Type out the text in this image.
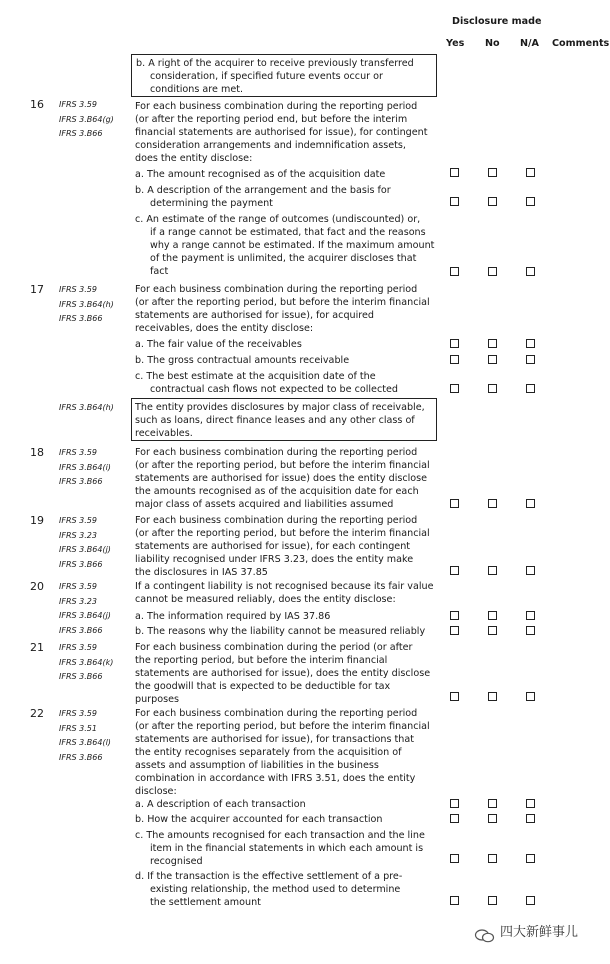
Disclosure made
Yes No N/A Comments
b. A right of the acquirer to receive previously transferred
consideration, if specified future events occur or
conditions are met.
For each business combination during the reporting period
(or after the reporting period end, but before the interim
financial statements are authorised for issue), for contingent
consideration arrangements and indemnification assets,
does the entity disclose:
a. The amount recognised as of the acquisition date
b. A description of the arrangement and the basis for
determining the payment
c. An estimate of the range of outcomes (undiscounted) or,
if a range cannot be estimated, that fact and the reasons
why a range cannot be estimated. If the maximum amount
of the payment is unlimited, the acquirer discloses that
fact
For each business combination during the reporting period
(or after the reporting period, but before the interim financial
statements are authorised for issue), for acquired
receivables, does the entity disclose:
a. The fair value of the receivables
b. The gross contractual amounts receivable
c. The best estimate at the acquisition date of the
contractual cash flows not expected to be collected
The entity provides disclosures by major class of receivable,
such as loans, direct finance leases and any other class of
receivables.
For each business combination during the reporting period
(or after the reporting period, but before the interim financial
statements are authorised for issue) does the entity disclose
the amounts recognised as of the acquisition date for each
major class of assets acquired and liabilities assumed
For each business combination during the reporting period
(or after the reporting period, but before the interim financial
statements are authorised for issue), for each contingent
liability recognised under IFRS 3.23, does the entity make
the disclosures in IAS 37.85
If a contingent liability is not recognised because its fair value
cannot be measured reliably, does the entity disclose:
a. The information required by IAS 37.86
b. The reasons why the liability cannot be measured reliably
For each business combination during the period (or after
the reporting period, but before the interim financial
statements are authorised for issue), does the entity disclose
the goodwill that is expected to be deductible for tax
purposes
For each business combination during the reporting period
(or after the reporting period, but before the interim financial
statements are authorised for issue), for transactions that
the entity recognises separately from the acquisition of
assets and assumption of liabilities in the business
combination in accordance with IFRS 3.51, does the entity
disclose:
a. A description of each transaction
b. How the acquirer accounted for each transaction
c. The amounts recognised for each transaction and the line
item in the financial statements in which each amount is
recognised
d. If the transaction is the effective settlement of a pre-
existing relationship, the method used to determine
the settlement amount
16 IFRS 3.59
IFRS 3.B64(g)
IFRS 3.B66
17 IFRS 3.59
IFRS 3.B64(h)
IFRS 3.B66
IFRS 3.B64(h)
18 IFRS 3.59
IFRS 3.B64(i)
IFRS 3.B66
19 IFRS 3.59
IFRS 3.23
IFRS 3.B64(j)
IFRS 3.B66
20 IFRS 3.59
IFRS 3.23
IFRS 3.B64(j)
IFRS 3.B66
21 IFRS 3.59
IFRS 3.B64(k)
IFRS 3.B66
22 IFRS 3.59
IFRS 3.51
IFRS 3.B64(l)
IFRS 3.B66
四大新鲜事儿
